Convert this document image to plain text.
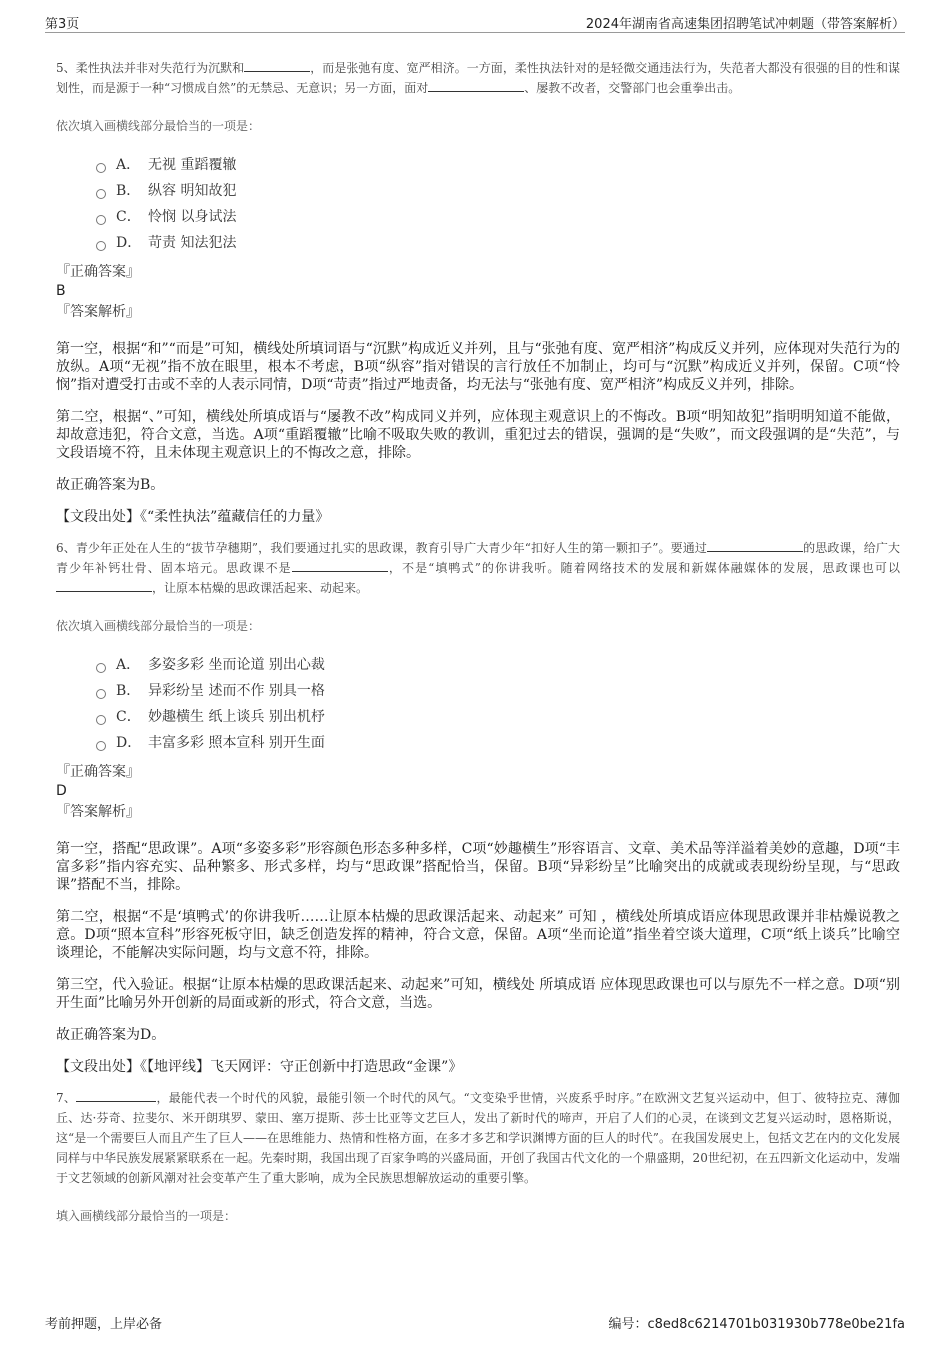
第3页	2024年湖南省高速集团招聘笔试冲刺题（带答案解析）

5、柔性执法并非对失范行为沉默和	，而是张弛有度、宽严相济。一方面，柔性执法针对的是轻微交通违法行为，失范者大都没有很强的目的性和谋划性，而是源于一种“习惯成自然”的无禁忌、无意识；另一方面，面对	、屡教不改者，交警部门也会重拳出击。

依次填入画横线部分最恰当的一项是：

A． 无视 重蹈覆辙
B． 纵容 明知故犯
C． 怜悯 以身试法
D． 苛责 知法犯法

『正确答案』

B

『答案解析』

第一空，根据“和”“而是”可知，横线处所填词语与“沉默”构成近义并列，且与“张弛有度、宽严相济”构成反义并列，应体现对失范行为的放纵。A项“无视”指不放在眼里，根本不考虑，B项“纵容”指对错误的言行放任不加制止，均可与“沉默”构成近义并列，保留。C项“怜悯”指对遭受打击或不幸的人表示同情，D项“苛责”指过严地责备，均无法与“张弛有度、宽严相济”构成反义并列，排除。

第二空，根据“、”可知，横线处所填成语与“屡教不改”构成同义并列，应体现主观意识上的不悔改。B项“明知故犯”指明明知道不能做，却故意违犯，符合文意，当选。A项“重蹈覆辙”比喻不吸取失败的教训，重犯过去的错误，强调的是“失败”，而文段强调的是“失范”，与文段语境不符，且未体现主观意识上的不悔改之意，排除。

故正确答案为B。

【文段出处】《“柔性执法”蕴藏信任的力量》

6、青少年正处在人生的“拔节孕穗期”，我们要通过扎实的思政课，教育引导广大青少年“扣好人生的第一颗扣子”。要通过	的思政课，给广大青少年补钙壮骨、固本培元。思政课不是	，不是“填鸭式”的你讲我听。随着网络技术的发展和新媒体融媒体的发展，思政课也可以，让原本枯燥的思政课活起来、动起来。

依次填入画横线部分最恰当的一项是：

A． 多姿多彩 坐而论道 别出心裁
B． 异彩纷呈 述而不作 别具一格
C． 妙趣横生 纸上谈兵 别出机杼
D． 丰富多彩 照本宣科 别开生面

『正确答案』

D

『答案解析』

第一空，搭配“思政课”。A项“多姿多彩”形容颜色形态多种多样，C项“妙趣横生”形容语言、文章、美术品等洋溢着美妙的意趣，D项“丰富多彩”指内容充实、品种繁多、形式多样，均与“思政课”搭配恰当，保留。B项“异彩纷呈”比喻突出的成就或表现纷纷呈现，与“思政课”搭配不当，排除。

第二空，根据“不是‘填鸭式’的你讲我听……让原本枯燥的思政课活起来、动起来” 可知 ，横线处所填成语应体现思政课并非枯燥说教之意。D项“照本宣科”形容死板守旧，缺乏创造发挥的精神，符合文意，保留。A项“坐而论道”指坐着空谈大道理，C项“纸上谈兵”比喻空谈理论，不能解决实际问题，均与文意不符，排除。

第三空，代入验证。根据“让原本枯燥的思政课活起来、动起来”可知，横线处 所填成语 应体现思政课也可以与原先不一样之意。D项“别开生面”比喻另外开创新的局面或新的形式，符合文意，当选。

故正确答案为D。

【文段出处】《【地评线】飞天网评：守正创新中打造思政“金课”》

7、	，最能代表一个时代的风貌，最能引领一个时代的风气。“文变染乎世情，兴废系乎时序。”在欧洲文艺复兴运动中，但丁、彼特拉克、薄伽丘、达·芬奇、拉斐尔、米开朗琪罗、蒙田、塞万提斯、莎士比亚等文艺巨人，发出了新时代的啼声，开启了人们的心灵，在谈到文艺复兴运动时，恩格斯说，这“是一个需要巨人而且产生了巨人——在思维能力、热情和性格方面，在多才多艺和学识渊博方面的巨人的时代”。在我国发展史上，包括文艺在内的文化发展同样与中华民族发展紧紧联系在一起。先秦时期，我国出现了百家争鸣的兴盛局面，开创了我国古代文化的一个鼎盛期，20世纪初，在五四新文化运动中，发端于文艺领域的创新风潮对社会变革产生了重大影响，成为全民族思想解放运动的重要引擎。

填入画横线部分最恰当的一项是：

考前押题，上岸必备	编号：c8ed8c6214701b031930b778e0be21fa
